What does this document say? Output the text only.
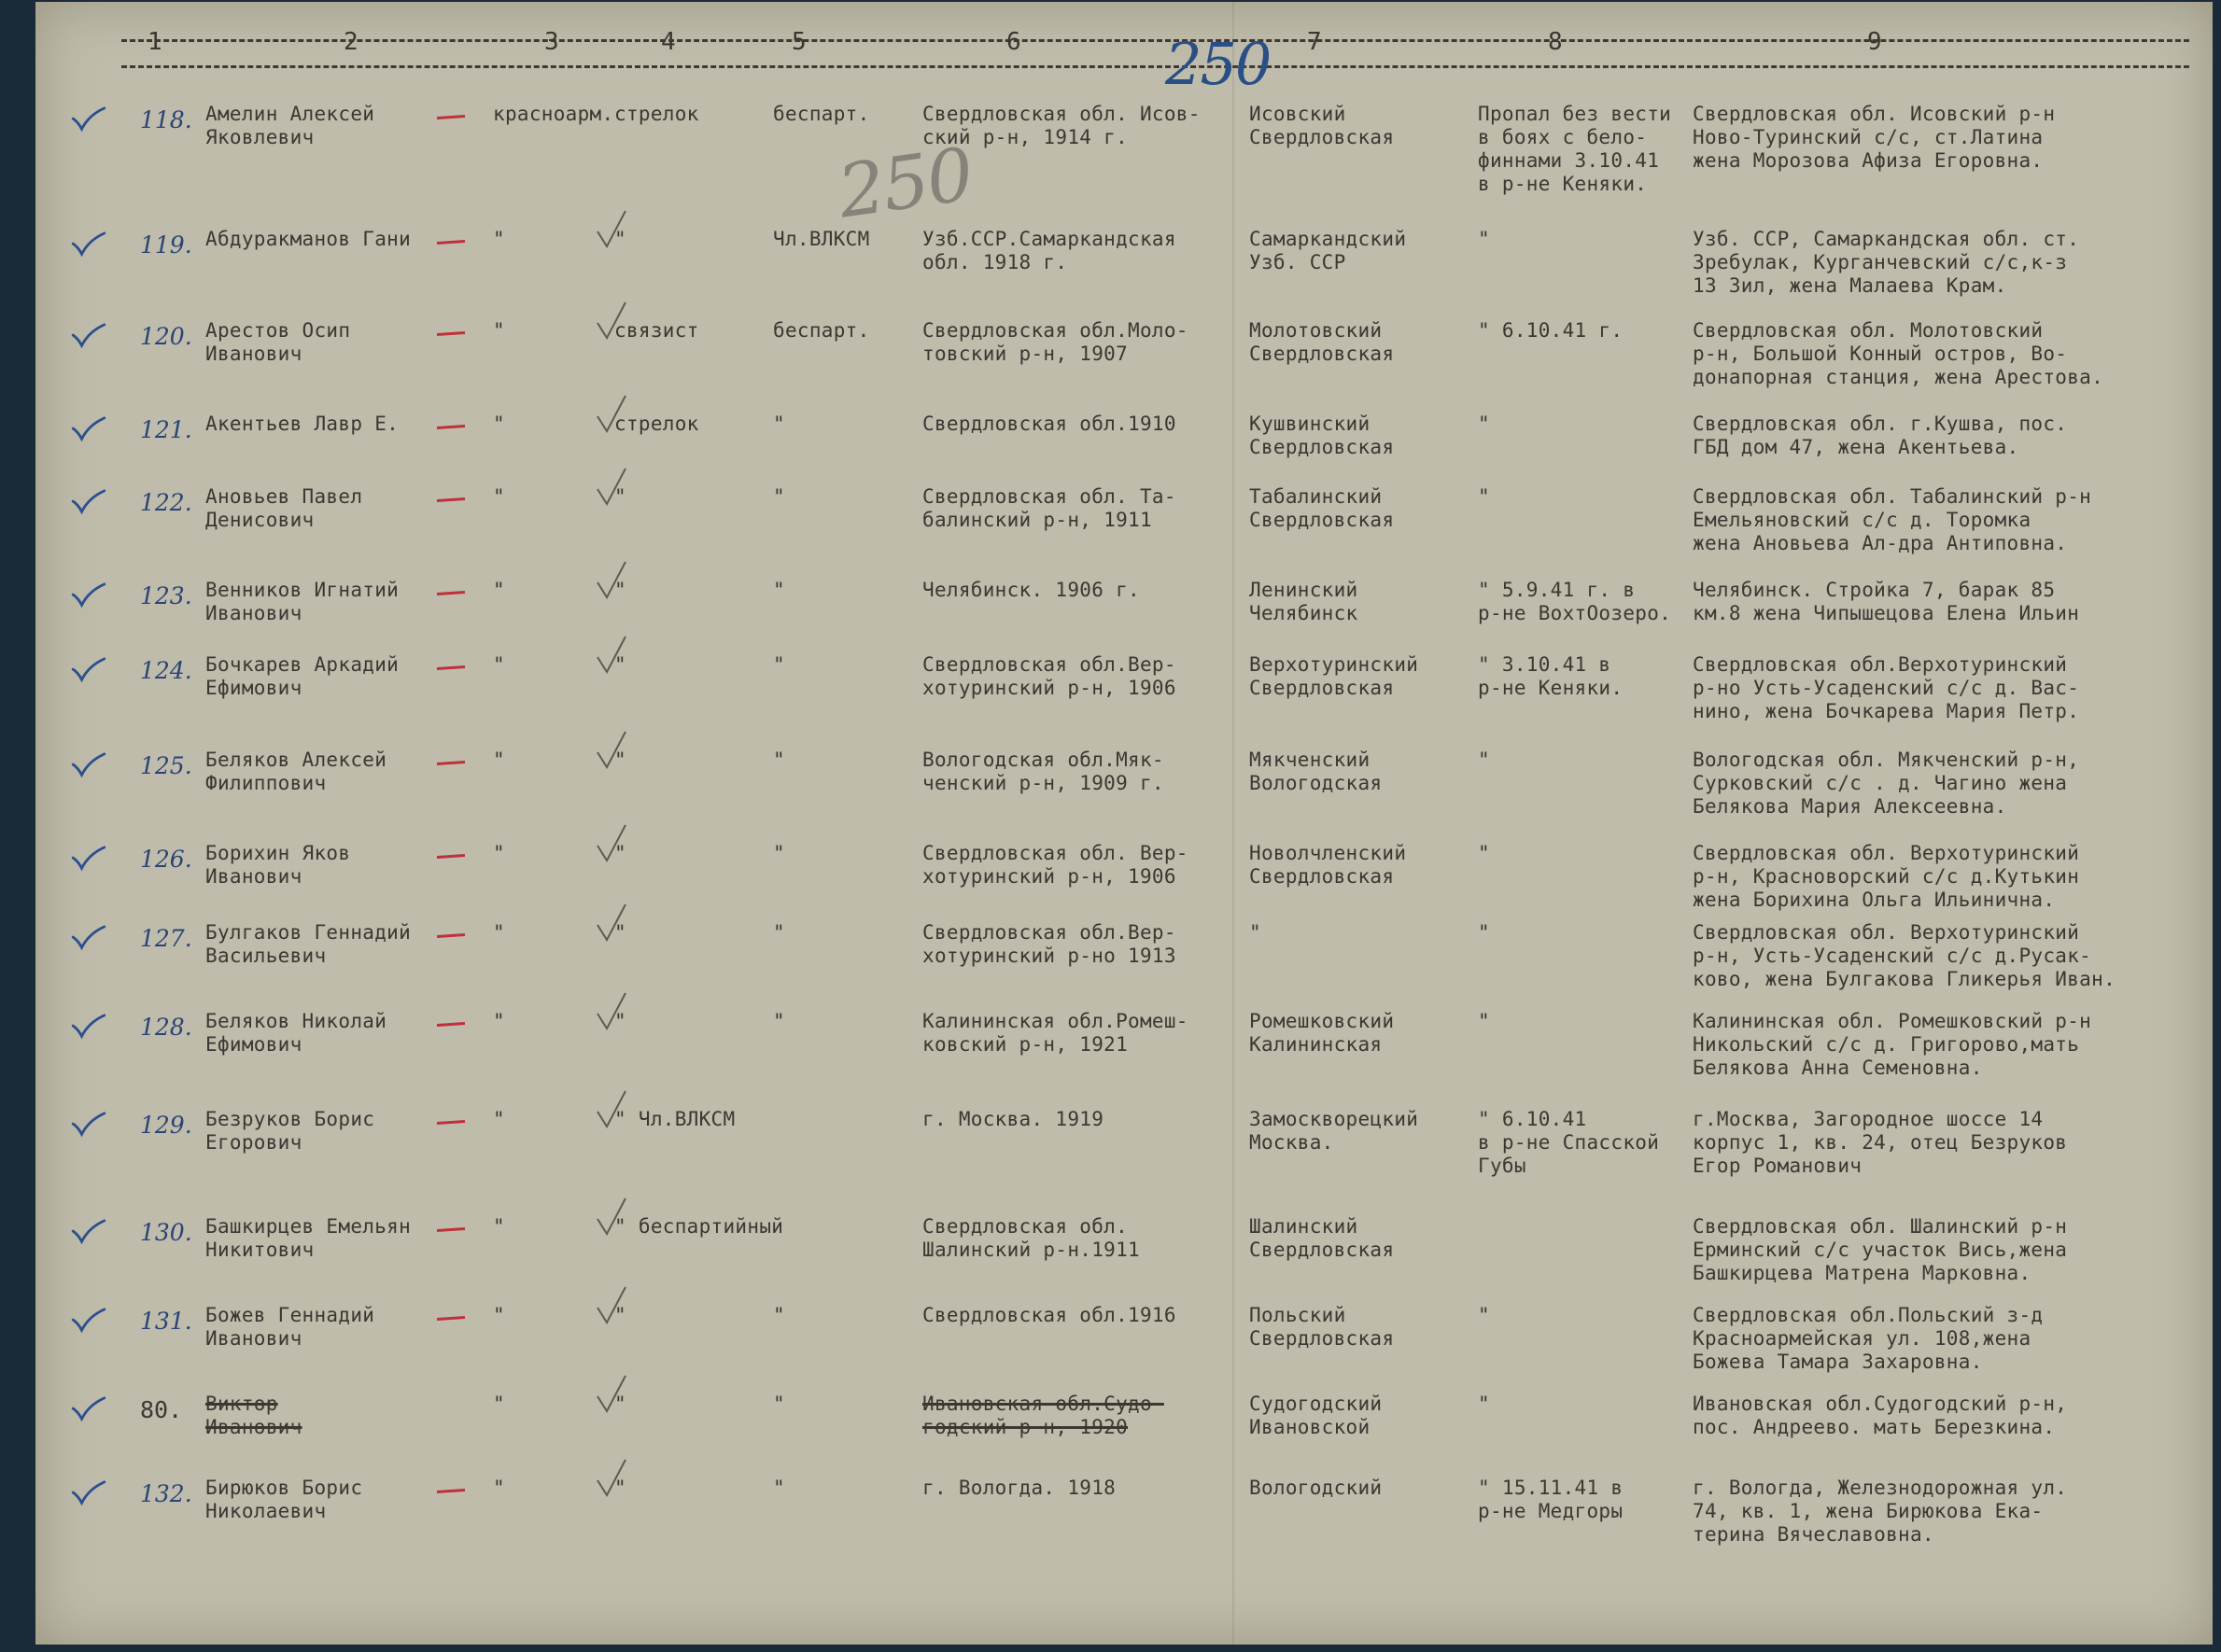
1	2	3	4	5	6	7	8	9
250
250
118. Амелин Алексей
Яковлевич
красноарм. стрелок	беспарт.	Свердловская обл. Исов-
ский р-н, 1914 г.
Исовский
Свердловская
Пропал без вести
в боях с бело-
финнами 3.10.41
в р-не Кеняки.
Свердловская обл. Исовский р-н
Ново-Туринский с/с, ст.Латина
жена Морозова Афиза Егоровна.
119. Абдуракманов Гани	"	"	Чл.ВЛКСМ	Узб.ССР.Самаркандская
обл. 1918 г.
Самаркандский
Узб. ССР
"	Узб. ССР, Самаркандская обл. ст.
Зребулак, Курганчевский с/с,к-з
13 Зил, жена Малаева Крам.
120. Арестов Осип
Иванович
"	связист	беспарт.	Свердловская обл.Моло-
товский р-н, 1907
Молотовский
Свердловская
" 6.10.41 г.	Свердловская обл. Молотовский
р-н, Большой Конный остров, Во-
донапорная станция, жена Арестова.
121. Акентьев Лавр Е.	"	стрелок	"	Свердловская обл.1910	Кушвинский
Свердловская
"	Свердловская обл. г.Кушва, пос.
ГБД дом 47, жена Акентьева.
122. Ановьев Павел
Денисович
"	"	"	Свердловская обл. Та-
балинский р-н, 1911
Табалинский
Свердловская
"	Свердловская обл. Табалинский р-н
Емельяновский с/с д. Торомка
жена Ановьева Ал-дра Антиповна.
123. Венников Игнатий
Иванович
"	"	"	Челябинск. 1906 г.	Ленинский
Челябинск
" 5.9.41 г. в
р-не ВохтОозеро.
Челябинск. Стройка 7, барак 85
км.8 жена Чипышецова Елена Ильин
124. Бочкарев Аркадий
Ефимович
"	"	"	Свердловская обл.Вер-
хотуринский р-н, 1906
Верхотуринский
Свердловская
" 3.10.41 в
р-не Кеняки.
Свердловская обл.Верхотуринский
р-но Усть-Усаденский с/с д. Вас-
нино, жена Бочкарева Мария Петр.
125. Беляков Алексей
Филиппович
"	"	"	Вологодская обл.Мяк-
ченский р-н, 1909 г.
Мякченский
Вологодская
"	Вологодская обл. Мякченский р-н,
Сурковский с/с . д. Чагино жена
Белякова Мария Алексеевна.
126. Борихин Яков
Иванович
"	"	"	Свердловская обл. Вер-
хотуринский р-н, 1906
Новолчленский
Свердловская
"	Свердловская обл. Верхотуринский
р-н, Красноворский с/с д.Кутькин
жена Борихина Ольга Ильинична.
127. Булгаков Геннадий
Васильевич
"	"	"	Свердловская обл.Вер-
хотуринский р-но 1913
"	"	Свердловская обл. Верхотуринский
р-н, Усть-Усаденский с/с д.Русак-
ково, жена Булгакова Гликерья Иван.
128. Беляков Николай
Ефимович
"	"	"	Калининская обл.Ромеш-
ковский р-н, 1921
Ромешковский
Калининская
"	Калининская обл. Ромешковский р-н
Никольский с/с д. Григорово,мать
Белякова Анна Семеновна.
129. Безруков Борис
Егорович
"	" Чл.ВЛКСМ	г. Москва. 1919	Замоскворецкий
Москва.
" 6.10.41
в р-не Спасской
Губы
г.Москва, Загородное шоссе 14
корпус 1, кв. 24, отец Безруков
Егор Романович
130. Башкирцев Емельян
Никитович
"	" беспартийный	Свердловская обл.
Шалинский р-н.1911
Шалинский
Свердловская
Свердловская обл. Шалинский р-н
Ерминский с/с участок Вись,жена
Башкирцева Матрена Марковна.
131. Божев Геннадий
Иванович
"	"	"	Свердловская обл.1916	Польский
Свердловская
"	Свердловская обл.Польский з-д
Красноармейская ул. 108,жена
Божева Тамара Захаровна.
80. Виктор
Иванович
"	"	"	Ивановская обл.Судо-
годский р-н, 1920
Судогодский
Ивановской
"	Ивановская обл.Судогодский р-н,
пос. Андреево. мать Березкина.
132. Бирюков Борис
Николаевич
"	"	"	г. Вологда. 1918	Вологодский	" 15.11.41 в
р-не Медгоры
г. Вологда, Железнодорожная ул.
74, кв. 1, жена Бирюкова Ека-
терина Вячеславовна.
